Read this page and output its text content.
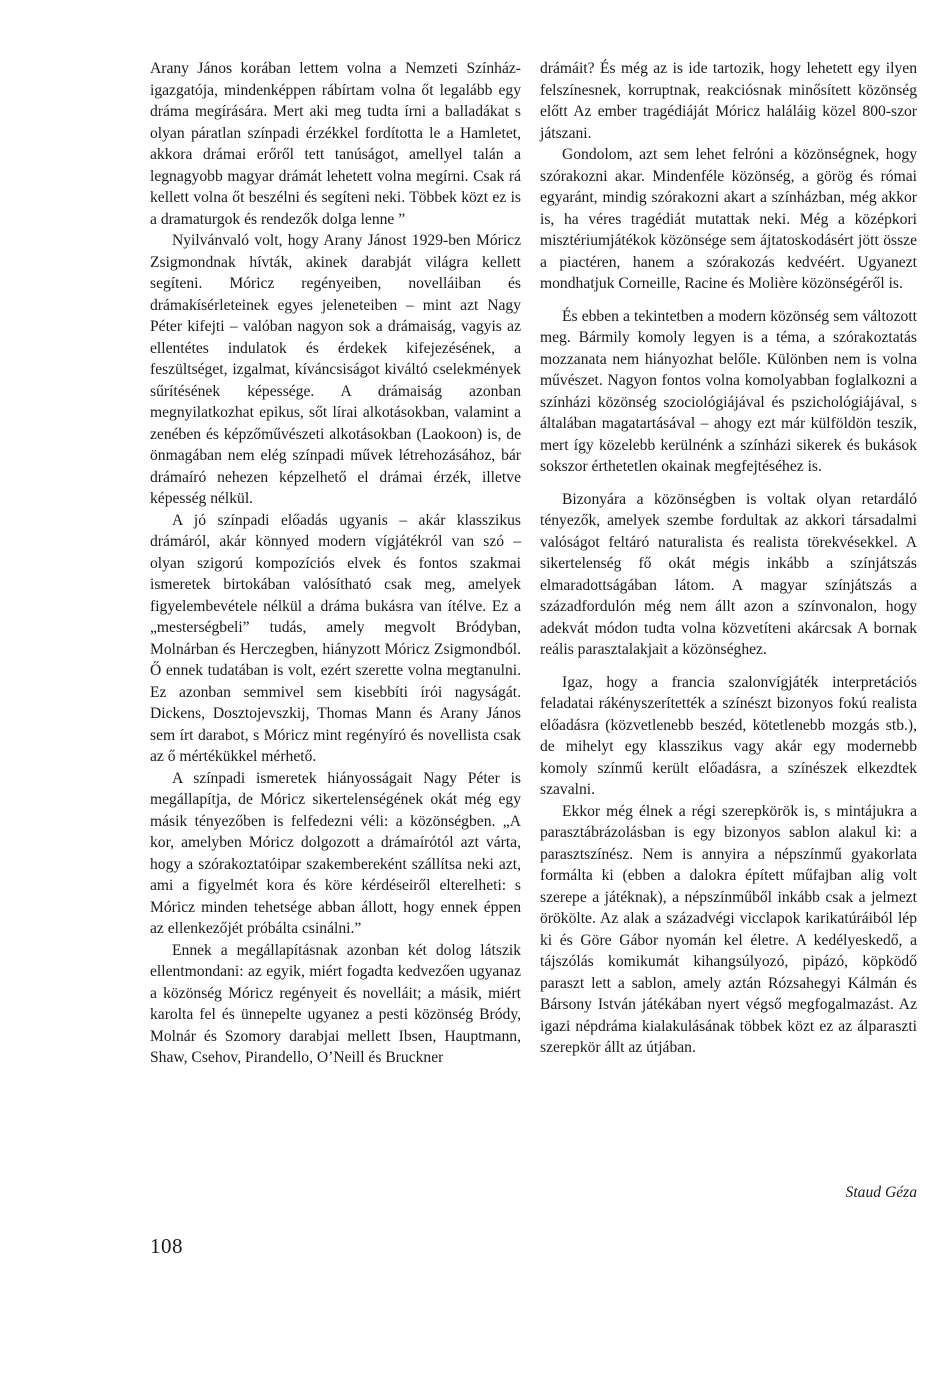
Arany János korában lettem volna a Nemzeti Színház-igazgatója, mindenképpen rábírtam volna őt legalább egy dráma megírására. Mert aki meg tudta írni a balladákat s olyan páratlan színpadi érzékkel fordította le a Hamletet, akkora drámai erőről tett tanúságot, amellyel talán a legnagyobb magyar drámát lehetett volna megírni. Csak rá kellett volna őt beszélni és segíteni neki. Többek közt ez is a dramaturgok és rendezők dolga lenne ”

Nyilvánvaló volt, hogy Arany Jánost 1929-ben Móricz Zsigmondnak hívták, akinek darabját világra kellett segíteni. Móricz regényeiben, novelláiban és drámakísérleteinek egyes jeleneteiben – mint azt Nagy Péter kifejti – valóban nagyon sok a drámaiság, vagyis az ellentétes indulatok és érdekek kifejezésének, a feszültséget, izgalmat, kíváncsiságot kiváltó cselekmények sűrítésének képessége. A drámaiság azonban megnyilatkozhat epikus, sőt lírai alkotásokban, valamint a zenében és képzőművészeti alkotásokban (Laokoon) is, de önmagában nem elég színpadi művek létrehozásához, bár drámaíró nehezen képzelhető el drámai érzék, illetve képesség nélkül.

A jó színpadi előadás ugyanis – akár klasszikus drámáról, akár könnyed modern vígjátékról van szó – olyan szigorú kompozíciós elvek és fontos szakmai ismeretek birtokában valósítható csak meg, amelyek figyelembevétele nélkül a dráma bukásra van ítélve. Ez a „mesterségbeli” tudás, amely megvolt Bródyban, Molnárban és Herczegben, hiányzott Móricz Zsigmondból. Ő ennek tudatában is volt, ezért szerette volna megtanulni. Ez azonban semmivel sem kisebbíti írói nagyságát. Dickens, Dosztojevszkij, Thomas Mann és Arany János sem írt darabot, s Móricz mint regényíró és novellista csak az ő mértékükkel mérhető.

A színpadi ismeretek hiányosságait Nagy Péter is megállapítja, de Móricz sikertelenségének okát még egy másik tényezőben is felfedezni véli: a közönségben. „A kor, amelyben Móricz dolgozott a drámaírótól azt várta, hogy a szórakoztatóipar szakembereként szállítsa neki azt, ami a figyelmét kora és köre kérdéseiről elterelheti: s Móricz minden tehetsége abban állott, hogy ennek éppen az ellenkezőjét próbálta csinálni.”

Ennek a megállapításnak azonban két dolog látszik ellentmondani: az egyik, miért fogadta kedvezően ugyanaz a közönség Móricz regényeit és novelláit; a másik, miért karolta fel és ünnepelte ugyanez a pesti közönség Bródy, Molnár és Szomory darabjai mellett Ibsen, Hauptmann, Shaw, Csehov, Pirandello, O’Neill és Bruckner

drámáit? És még az is ide tartozik, hogy lehetett egy ilyen felszínesnek, korruptnak, reakciósnak minősített közönség előtt Az ember tragédiáját Móricz haláláig közel 800-szor játszani.

Gondolom, azt sem lehet felróni a közönségnek, hogy szórakozni akar. Mindenféle közönség, a görög és római egyaránt, mindig szórakozni akart a színházban, még akkor is, ha véres tragédiát mutattak neki. Még a középkori misztériumjátékok közönsége sem ájtatoskodásért jött össze a piactéren, hanem a szórakozás kedvéért. Ugyanezt mondhatjuk Corneille, Racine és Molière közönségéről is.

És ebben a tekintetben a modern közönség sem változott meg. Bármily komoly legyen is a téma, a szórakoztatás mozzanata nem hiányozhat belőle. Különben nem is volna művészet. Nagyon fontos volna komolyabban foglalkozni a színházi közönség szociológiájával és pszichológiájával, s általában magatartásával – ahogy ezt már külföldön teszik, mert így közelebb kerülnénk a színházi sikerek és bukások sokszor érthetetlen okainak megfejtéséhez is.

Bizonyára a közönségben is voltak olyan retardáló tényezők, amelyek szembe fordultak az akkori társadalmi valóságot feltáró naturalista és realista törekvésekkel. A sikertelenség fő okát mégis inkább a színjátszás elmaradottságában látom. A magyar színjátszás a századfordulón még nem állt azon a színvonalon, hogy adekvát módon tudta volna közvetíteni akárcsak A bornak reális parasztalakjait a közönséghez.

Igaz, hogy a francia szalonvígjáték interpretációs feladatai rákényszerítették a színészt bizonyos fokú realista előadásra (közvetlenebb beszéd, kötetlenebb mozgás stb.), de mihelyt egy klasszikus vagy akár egy modernebb komoly színmű került előadásra, a színészek elkezdtek szavalni.

Ekkor még élnek a régi szerepkörök is, s mintájukra a parasztábrázolásban is egy bizonyos sablon alakul ki: a parasztszínész. Nem is annyira a népszínmű gyakorlata formálta ki (ebben a dalokra épített műfajban alig volt szerepe a játéknak), a népszínműből inkább csak a jelmezt örökölte. Az alak a századvégi vicclapok karikatúráiból lép ki és Göre Gábor nyomán kel életre. A kedélyeskedő, a tájszólás komikumát kihangsúlyozó, pipázó, köpködő paraszt lett a sablon, amely aztán Rózsahegyi Kálmán és Bársony István játékában nyert végső megfogalmazást. Az igazi népdráma kialakulásának többek közt ez az álparaszti szerepkör állt az útjában.

Staud Géza
108
